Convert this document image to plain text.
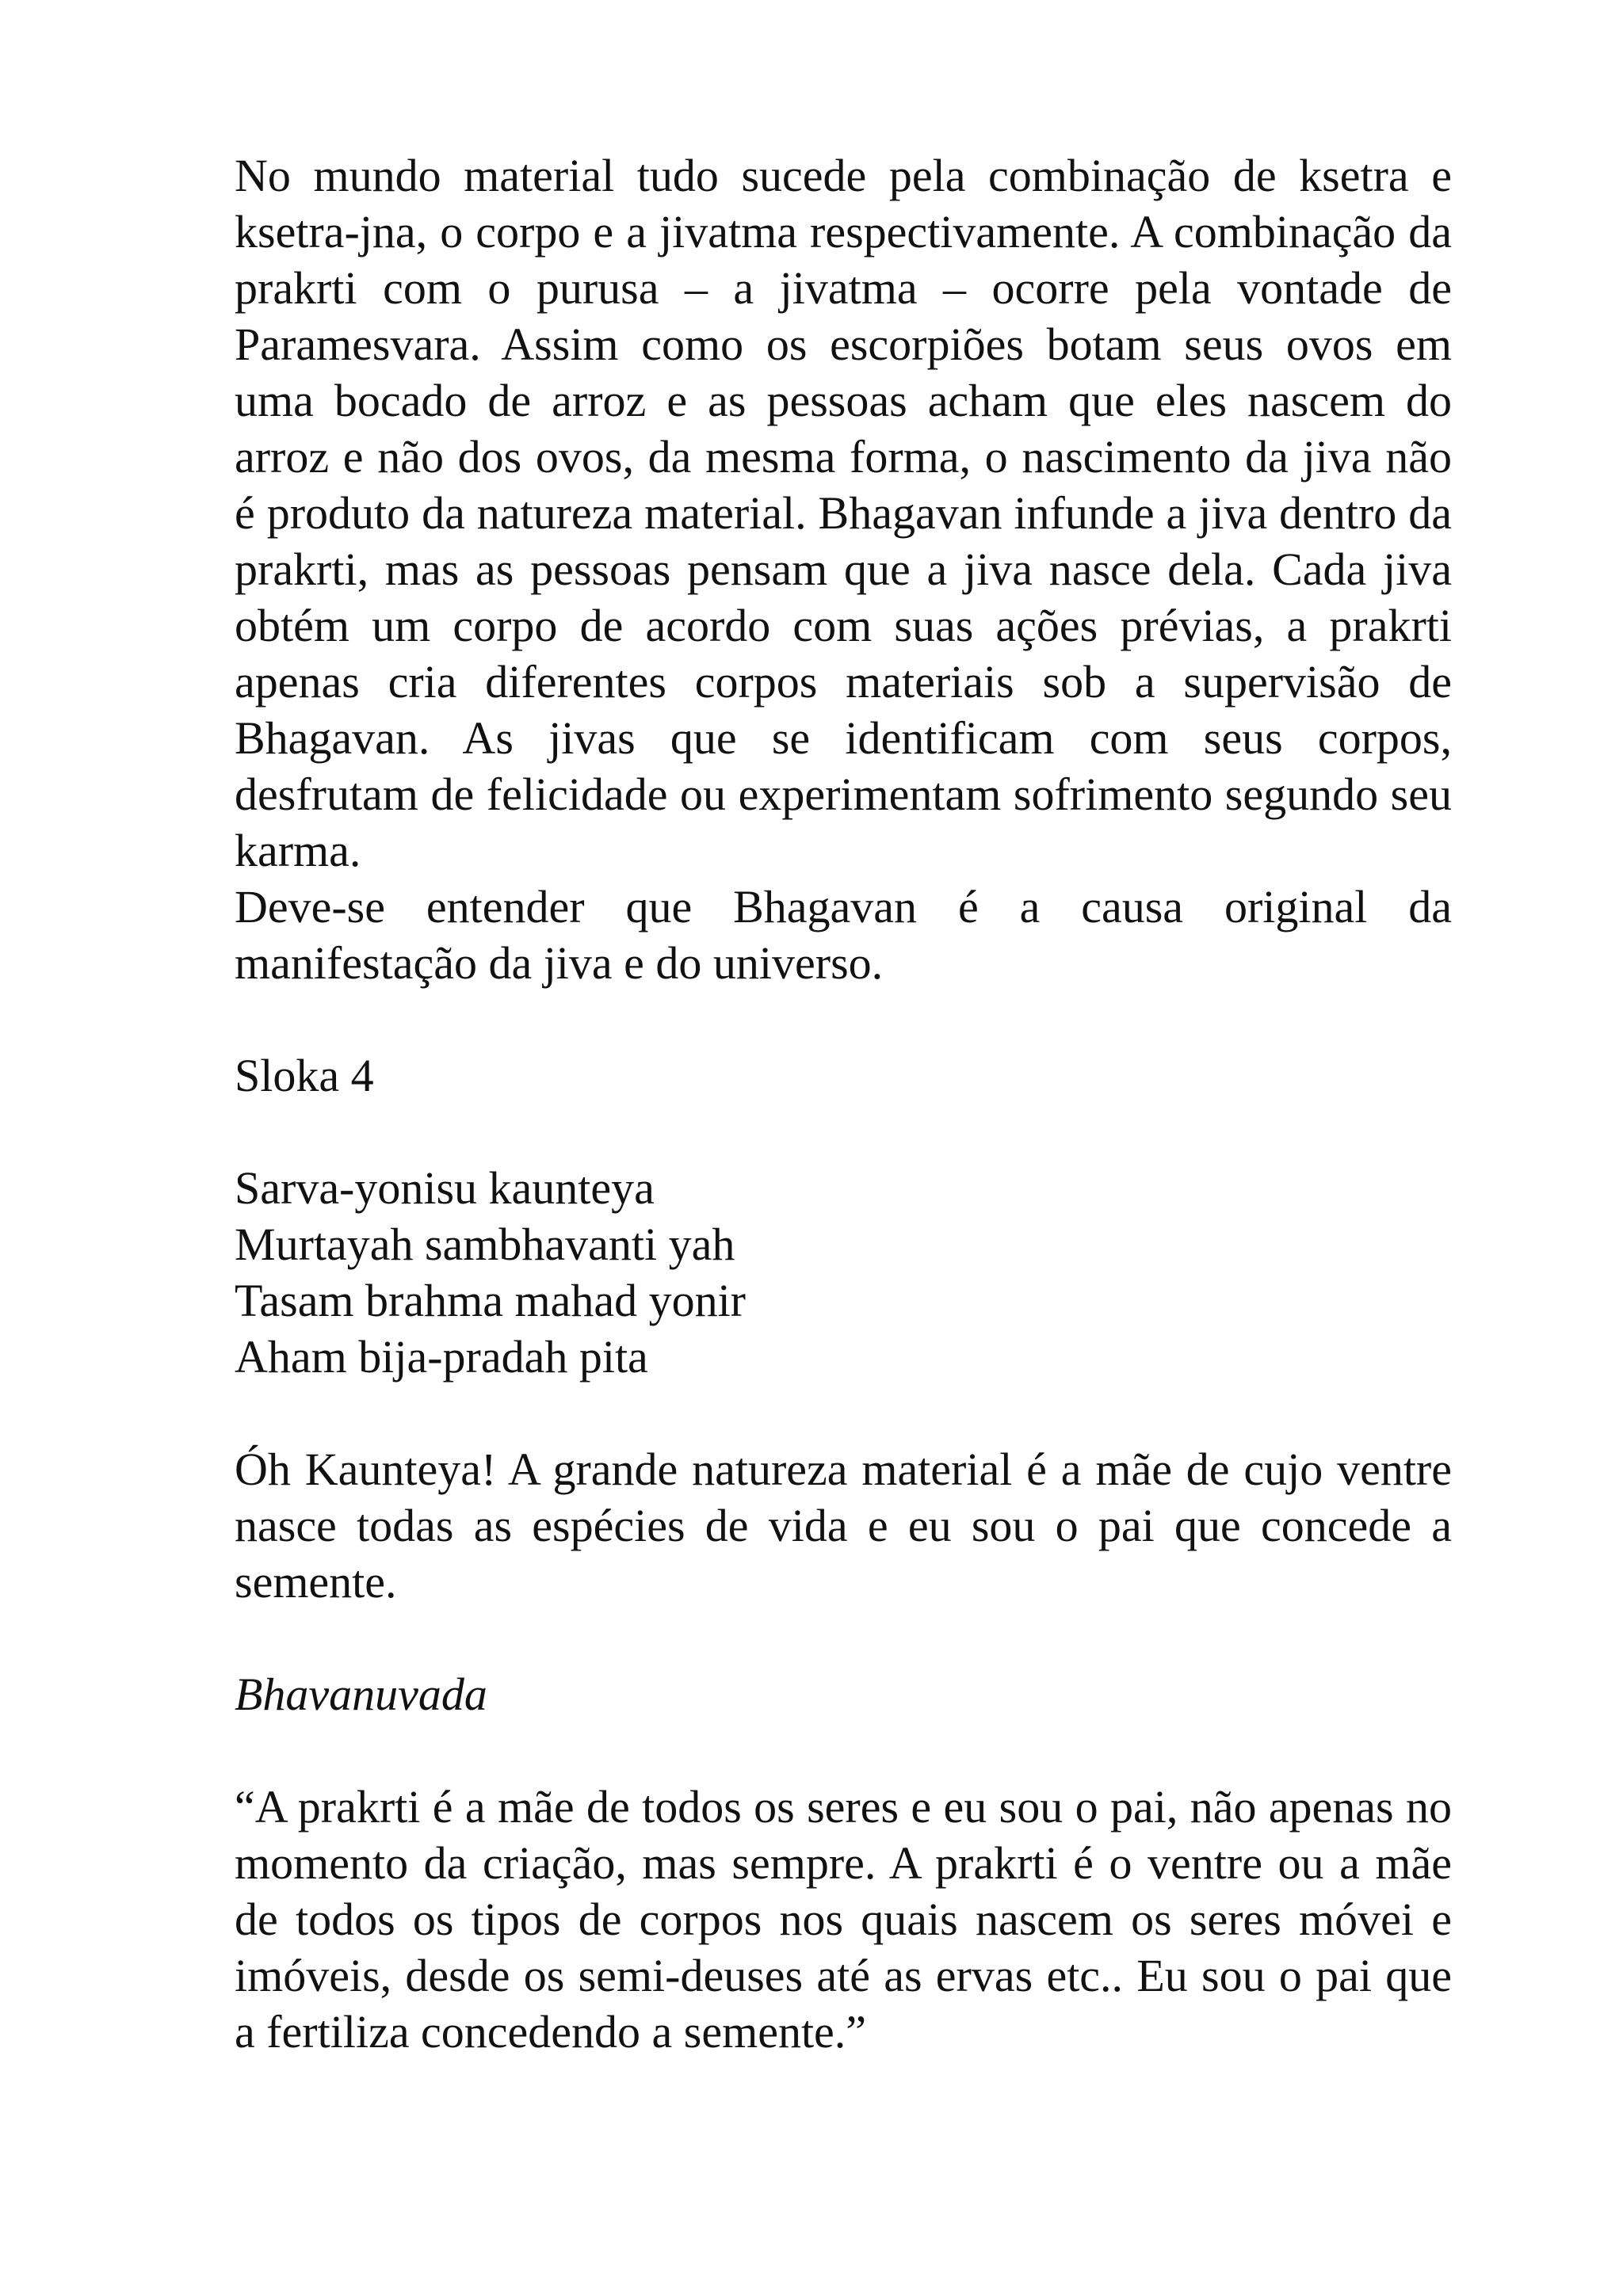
No mundo material tudo sucede pela combinação de ksetra e ksetra-jna, o corpo e a jivatma respectivamente. A combinação da prakrti com o purusa – a jivatma – ocorre pela vontade de Paramesvara. Assim como os escorpiões botam seus ovos em uma bocado de arroz e as pessoas acham que eles nascem do arroz e não dos ovos, da mesma forma, o nascimento da jiva não é produto da natureza material. Bhagavan infunde a jiva dentro da prakrti, mas as pessoas pensam que a jiva nasce dela. Cada jiva obtém um corpo de acordo com suas ações prévias, a prakrti apenas cria diferentes corpos materiais sob a supervisão de Bhagavan. As jivas que se identificam com seus corpos, desfrutam de felicidade ou experimentam sofrimento segundo seu karma.

Deve-se entender que Bhagavan é a causa original da manifestação da jiva e do universo.

Sloka 4

Sarva-yonisu kaunteya
Murtayah sambhavanti yah
Tasam brahma mahad yonir
Aham bija-pradah pita

Óh Kaunteya! A grande natureza material é a mãe de cujo ventre nasce todas as espécies de vida e eu sou o pai que concede a semente.

Bhavanuvada

“A prakrti é a mãe de todos os seres e eu sou o pai, não apenas no momento da criação, mas sempre. A prakrti é o ventre ou a mãe de todos os tipos de corpos nos quais nascem os seres móvei e imóveis, desde os semi-deuses até as ervas etc.. Eu sou o pai que a fertiliza concedendo a semente.”
